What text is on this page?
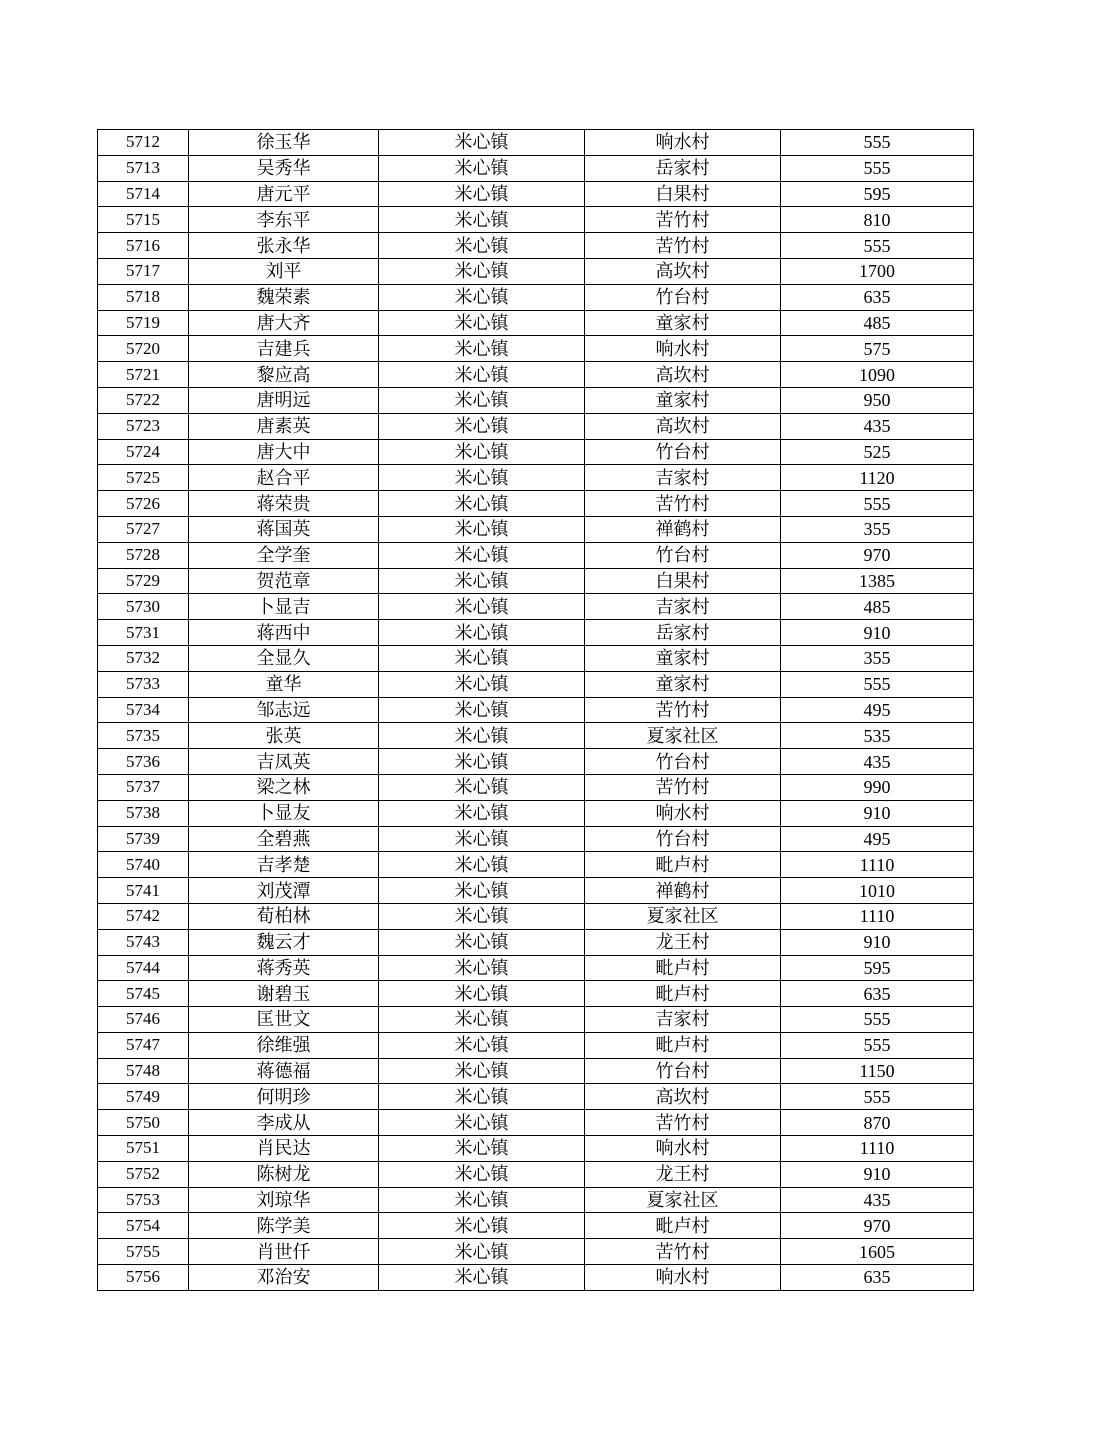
5712	徐玉华	米心镇	响水村	555
5713	吴秀华	米心镇	岳家村	555
5714	唐元平	米心镇	白果村	595
5715	李东平	米心镇	苦竹村	810
5716	张永华	米心镇	苦竹村	555
5717	刘平	米心镇	高坎村	1700
5718	魏荣素	米心镇	竹台村	635
5719	唐大齐	米心镇	童家村	485
5720	吉建兵	米心镇	响水村	575
5721	黎应高	米心镇	高坎村	1090
5722	唐明远	米心镇	童家村	950
5723	唐素英	米心镇	高坎村	435
5724	唐大中	米心镇	竹台村	525
5725	赵合平	米心镇	吉家村	1120
5726	蒋荣贵	米心镇	苦竹村	555
5727	蒋国英	米心镇	禅鹤村	355
5728	全学奎	米心镇	竹台村	970
5729	贺范章	米心镇	白果村	1385
5730	卜显吉	米心镇	吉家村	485
5731	蒋西中	米心镇	岳家村	910
5732	全显久	米心镇	童家村	355
5733	童华	米心镇	童家村	555
5734	邹志远	米心镇	苦竹村	495
5735	张英	米心镇	夏家社区	535
5736	吉凤英	米心镇	竹台村	435
5737	梁之林	米心镇	苦竹村	990
5738	卜显友	米心镇	响水村	910
5739	全碧燕	米心镇	竹台村	495
5740	吉孝楚	米心镇	毗卢村	1110
5741	刘茂潭	米心镇	禅鹤村	1010
5742	荀柏林	米心镇	夏家社区	1110
5743	魏云才	米心镇	龙王村	910
5744	蒋秀英	米心镇	毗卢村	595
5745	谢碧玉	米心镇	毗卢村	635
5746	匡世文	米心镇	吉家村	555
5747	徐维强	米心镇	毗卢村	555
5748	蒋德福	米心镇	竹台村	1150
5749	何明珍	米心镇	高坎村	555
5750	李成从	米心镇	苦竹村	870
5751	肖民达	米心镇	响水村	1110
5752	陈树龙	米心镇	龙王村	910
5753	刘琼华	米心镇	夏家社区	435
5754	陈学美	米心镇	毗卢村	970
5755	肖世仟	米心镇	苦竹村	1605
5756	邓治安	米心镇	响水村	635
